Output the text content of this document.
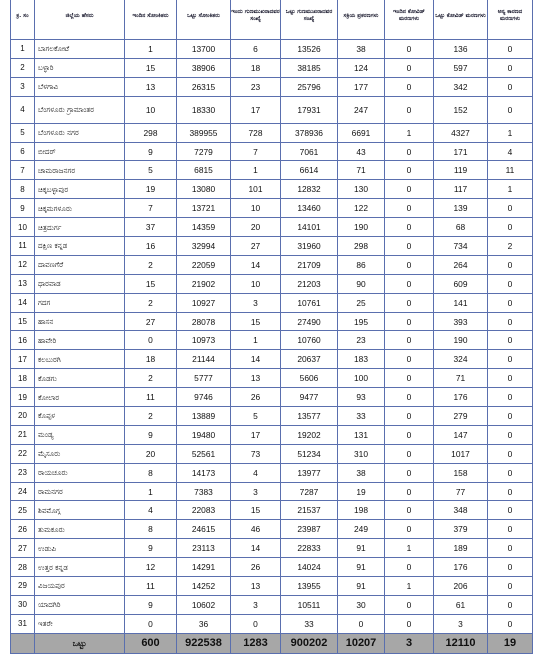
ಕ್ರ. ಸಂ	ಜಿಲ್ಲೆಯ ಹೆಸರು	ಇಂದಿನ ಸೋಂಕಿತರು	ಒಟ್ಟು ಸೋಂಕಿತರು	ಇಂದು ಗುಣಮುಖರಾದವರ ಸಂಖ್ಯೆ	ಒಟ್ಟು ಗುಣಮುಖರಾದವರ ಸಂಖ್ಯೆ	ಸಕ್ರಿಯ ಪ್ರಕರಣಗಳು	ಇಂದಿನ ಕೋವಿಡ್ ಮರಣಗಳು	ಒಟ್ಟು ಕೋವಿಡ್ ಮರಣಗಳು	ಅನ್ಯ ಕಾರಣದ ಮರಣಗಳು
1	ಬಾಗಲಕೋಟೆ	1	13700	6	13526	38	0	136	0
2	ಬಳ್ಳಾರಿ	15	38906	18	38185	124	0	597	0
3	ಬೆಳಗಾವಿ	13	26315	23	25796	177	0	342	0
4	ಬೆಂಗಳೂರು ಗ್ರಾಮಾಂತರ	10	18330	17	17931	247	0	152	0
5	ಬೆಂಗಳೂರು ನಗರ	298	389955	728	378936	6691	1	4327	1
6	ಬೀದರ್	9	7279	7	7061	43	0	171	4
7	ಚಾಮರಾಜನಗರ	5	6815	1	6614	71	0	119	11
8	ಚಿಕ್ಕಬಳ್ಳಾಪುರ	19	13080	101	12832	130	0	117	1
9	ಚಿಕ್ಕಮಗಳೂರು	7	13721	10	13460	122	0	139	0
10	ಚಿತ್ರದುರ್ಗ	37	14359	20	14101	190	0	68	0
11	ದಕ್ಷಿಣ ಕನ್ನಡ	16	32994	27	31960	298	0	734	2
12	ದಾವಣಗೆರೆ	2	22059	14	21709	86	0	264	0
13	ಧಾರವಾಡ	15	21902	10	21203	90	0	609	0
14	ಗದಗ	2	10927	3	10761	25	0	141	0
15	ಹಾಸನ	27	28078	15	27490	195	0	393	0
16	ಹಾವೇರಿ	0	10973	1	10760	23	0	190	0
17	ಕಲಬುರಗಿ	18	21144	14	20637	183	0	324	0
18	ಕೊಡಗು	2	5777	13	5606	100	0	71	0
19	ಕೋಲಾರ	11	9746	26	9477	93	0	176	0
20	ಕೊಪ್ಪಳ	2	13889	5	13577	33	0	279	0
21	ಮಂಡ್ಯ	9	19480	17	19202	131	0	147	0
22	ಮೈಸೂರು	20	52561	73	51234	310	0	1017	0
23	ರಾಯಚೂರು	8	14173	4	13977	38	0	158	0
24	ರಾಮನಗರ	1	7383	3	7287	19	0	77	0
25	ಶಿವಮೊಗ್ಗ	4	22083	15	21537	198	0	348	0
26	ತುಮಕೂರು	8	24615	46	23987	249	0	379	0
27	ಉಡುಪಿ	9	23113	14	22833	91	1	189	0
28	ಉತ್ತರ ಕನ್ನಡ	12	14291	26	14024	91	0	176	0
29	ವಿಜಯಪುರ	11	14252	13	13955	91	1	206	0
30	ಯಾದಗಿರಿ	9	10602	3	10511	30	0	61	0
31	ಇತರೇ	0	36	0	33	0	0	3	0
	ಒಟ್ಟು	600	922538	1283	900202	10207	3	12110	19
